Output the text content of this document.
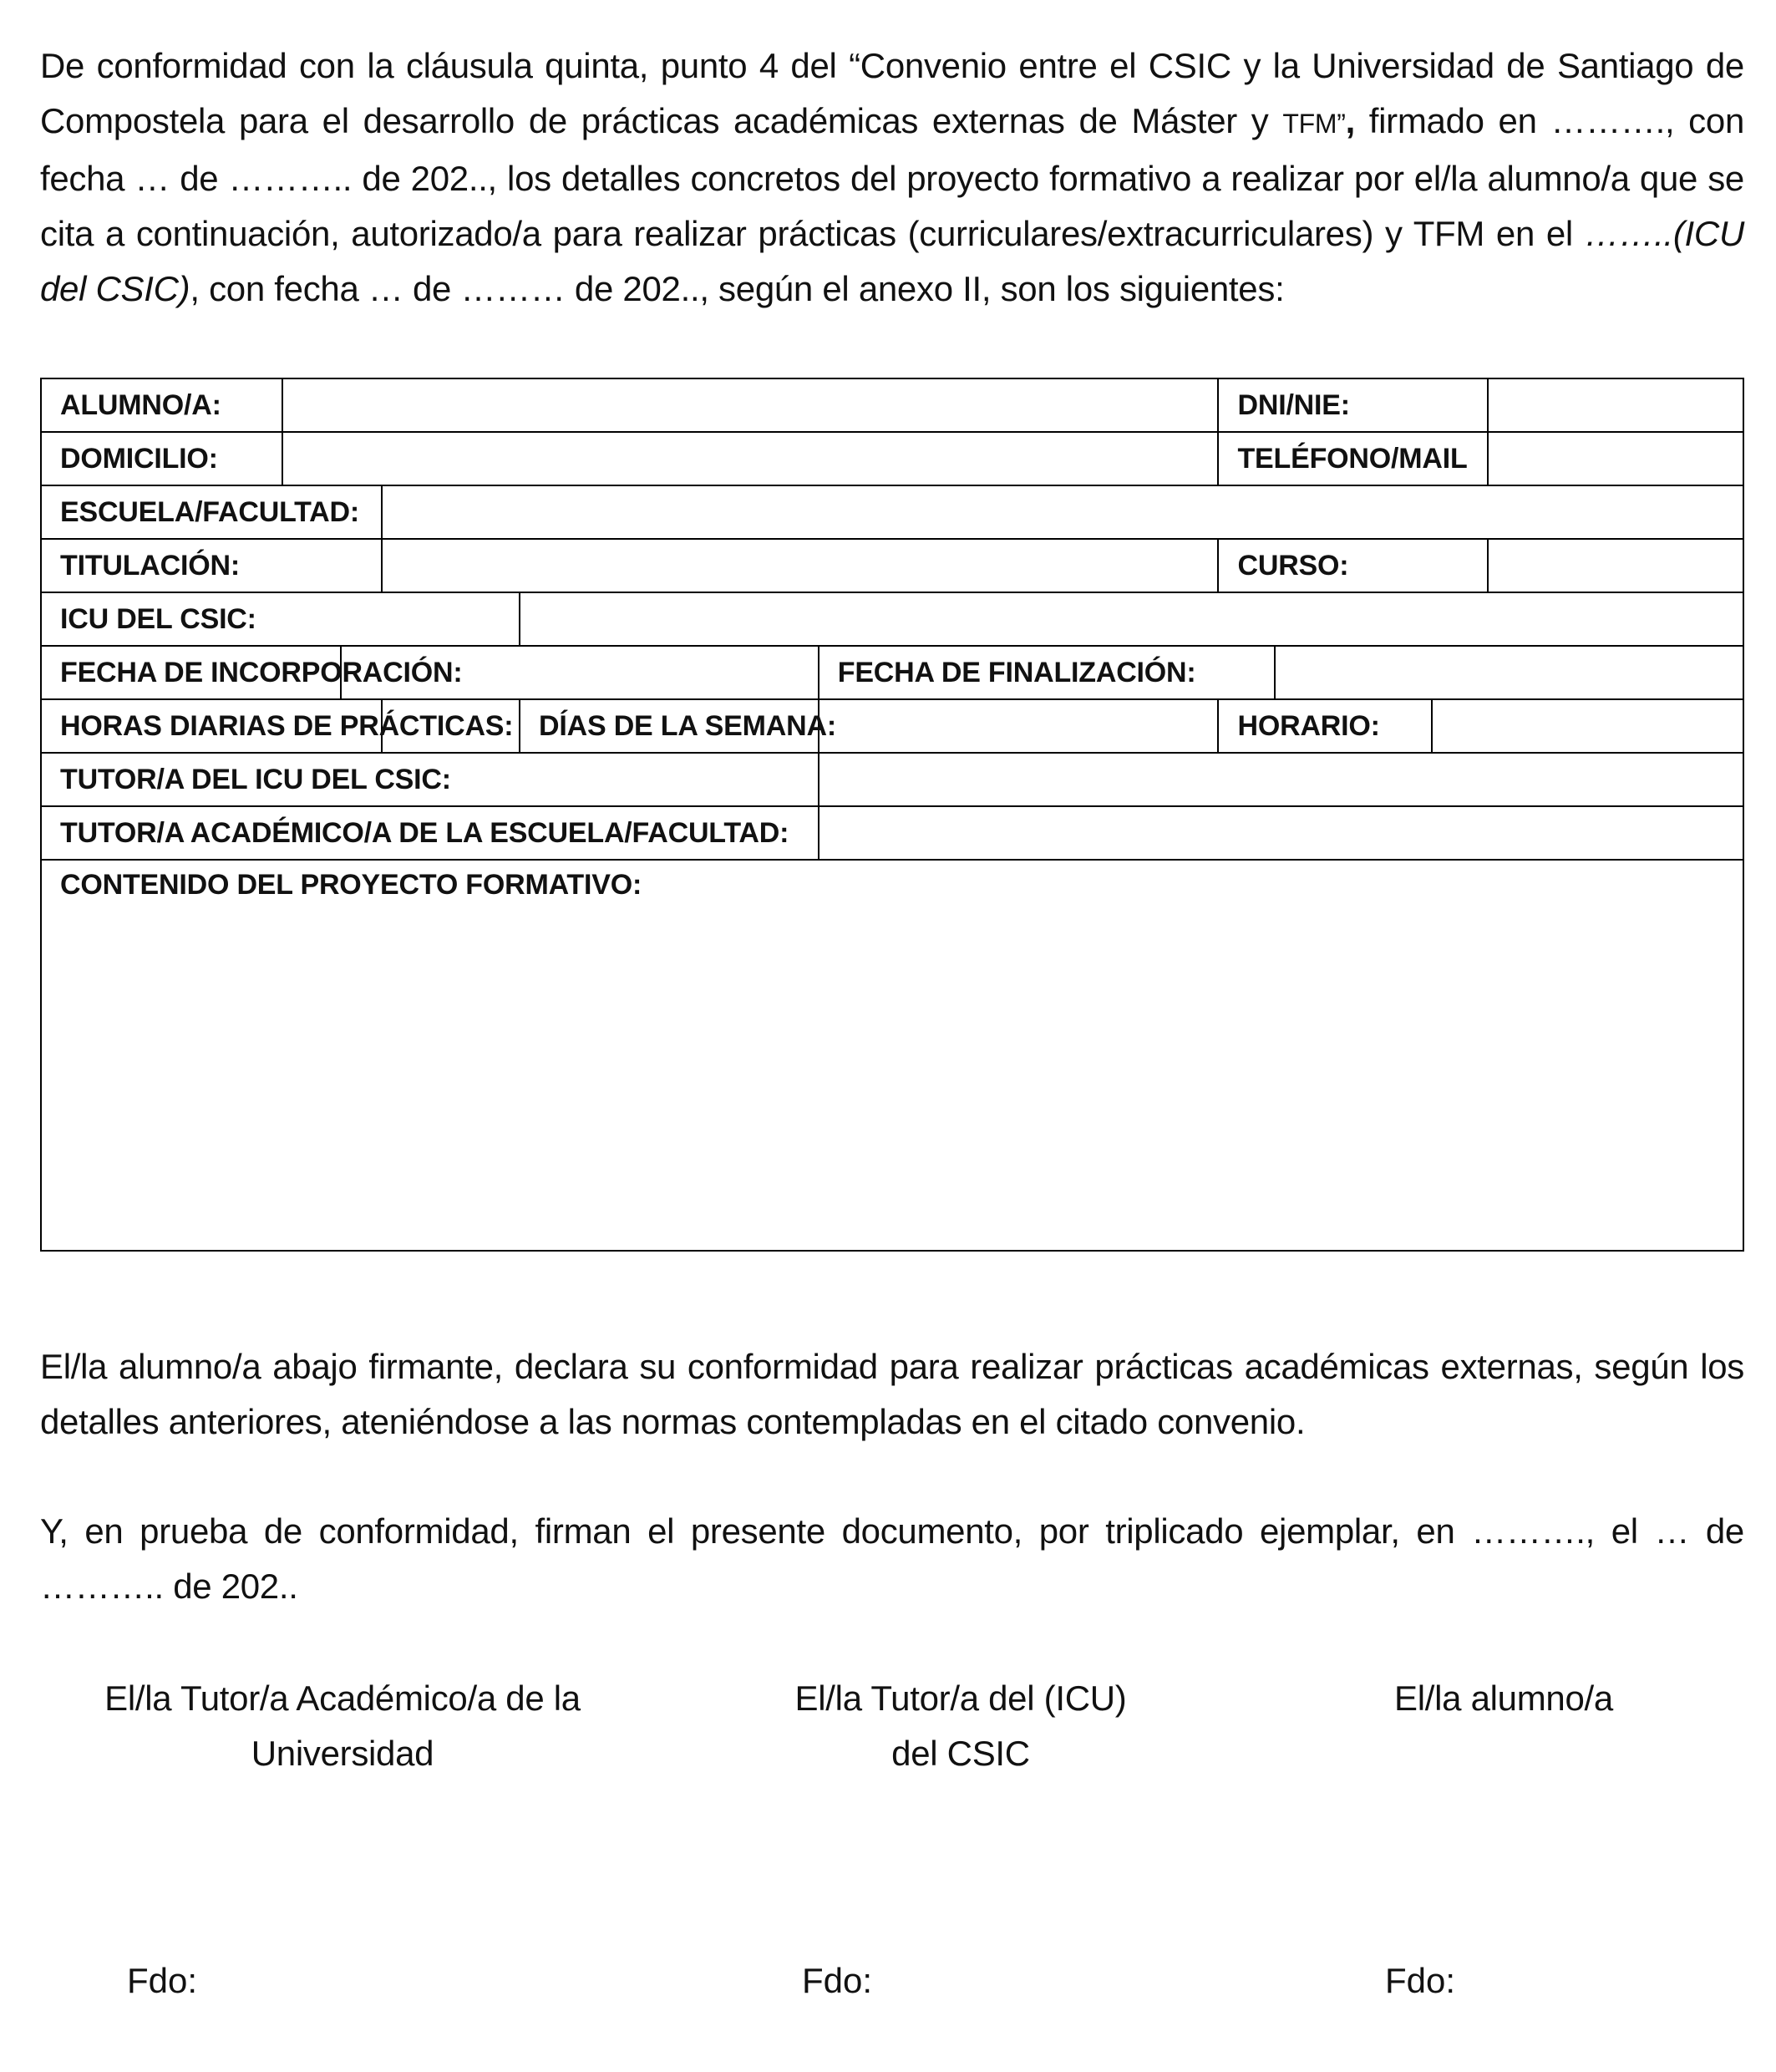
De conformidad con la cláusula quinta, punto 4 del “Convenio entre el CSIC y la Universidad de Santiago de Compostela para el desarrollo de prácticas académicas externas de Máster y TFM”, firmado en ………., con fecha … de ……….. de 202.., los detalles concretos del proyecto formativo a realizar por el/la alumno/a que se cita a continuación, autorizado/a para realizar prácticas (curriculares/extracurriculares) y TFM en el ……..(ICU del CSIC), con fecha … de ……… de 202.., según el anexo II, son los siguientes:

ALUMNO/A:						DNI/NIE:			
DOMICILIO:						TELÉFONO/MAIL			
ESCUELA/FACULTAD:									
TITULACIÓN:						CURSO:			
ICU DEL CSIC:									
FECHA DE INCORPORACIÓN:					FECHA DE FINALIZACIÓN:				
HORAS DIARIAS DE PRÁCTICAS:				DÍAS DE LA SEMANA:		HORARIO:			
TUTOR/A DEL ICU DEL CSIC:									
TUTOR/A ACADÉMICO/A DE LA ESCUELA/FACULTAD:									
CONTENIDO DEL PROYECTO FORMATIVO:									

El/la alumno/a abajo firmante, declara su conformidad para realizar prácticas académicas externas, según los detalles anteriores, ateniéndose a las normas contempladas en el citado convenio.

Y, en prueba de conformidad, firman el presente documento, por triplicado ejemplar, en ………., el … de ……….. de 202..

El/la Tutor/a Académico/a de la
Universidad
El/la Tutor/a del (ICU)
del CSIC
El/la alumno/a
Fdo:	Fdo:	Fdo:
